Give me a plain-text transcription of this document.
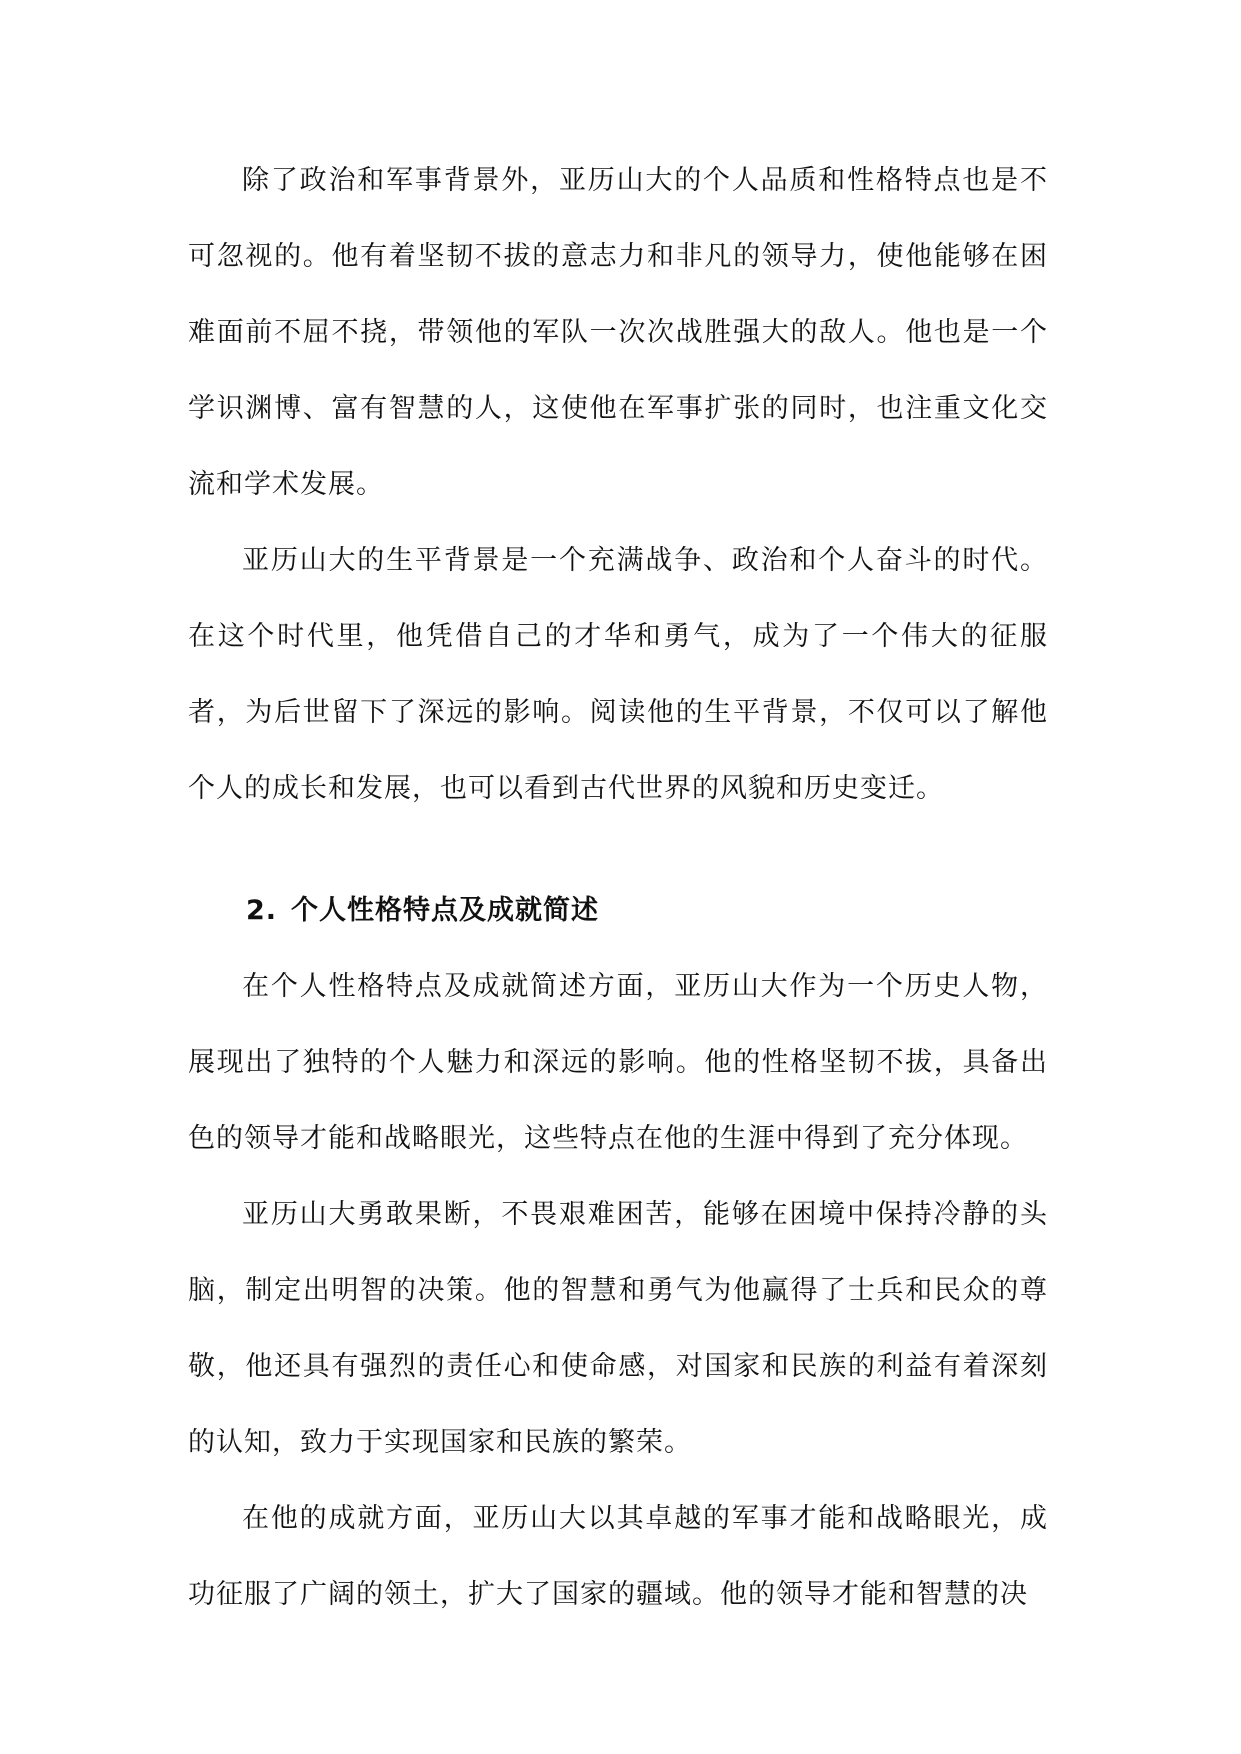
除了政治和军事背景外，亚历山大的个人品质和性格特点也是不可忽视的。他有着坚韧不拔的意志力和非凡的领导力，使他能够在困难面前不屈不挠，带领他的军队一次次战胜强大的敌人。他也是一个学识渊博、富有智慧的人，这使他在军事扩张的同时，也注重文化交流和学术发展。

亚历山大的生平背景是一个充满战争、政治和个人奋斗的时代。在这个时代里，他凭借自己的才华和勇气，成为了一个伟大的征服者，为后世留下了深远的影响。阅读他的生平背景，不仅可以了解他个人的成长和发展，也可以看到古代世界的风貌和历史变迁。

2. 个人性格特点及成就简述

在个人性格特点及成就简述方面，亚历山大作为一个历史人物，展现出了独特的个人魅力和深远的影响。他的性格坚韧不拔，具备出色的领导才能和战略眼光，这些特点在他的生涯中得到了充分体现。

亚历山大勇敢果断，不畏艰难困苦，能够在困境中保持冷静的头脑，制定出明智的决策。他的智慧和勇气为他赢得了士兵和民众的尊敬，他还具有强烈的责任心和使命感，对国家和民族的利益有着深刻的认知，致力于实现国家和民族的繁荣。

在他的成就方面，亚历山大以其卓越的军事才能和战略眼光，成功征服了广阔的领土，扩大了国家的疆域。他的领导才能和智慧的决
